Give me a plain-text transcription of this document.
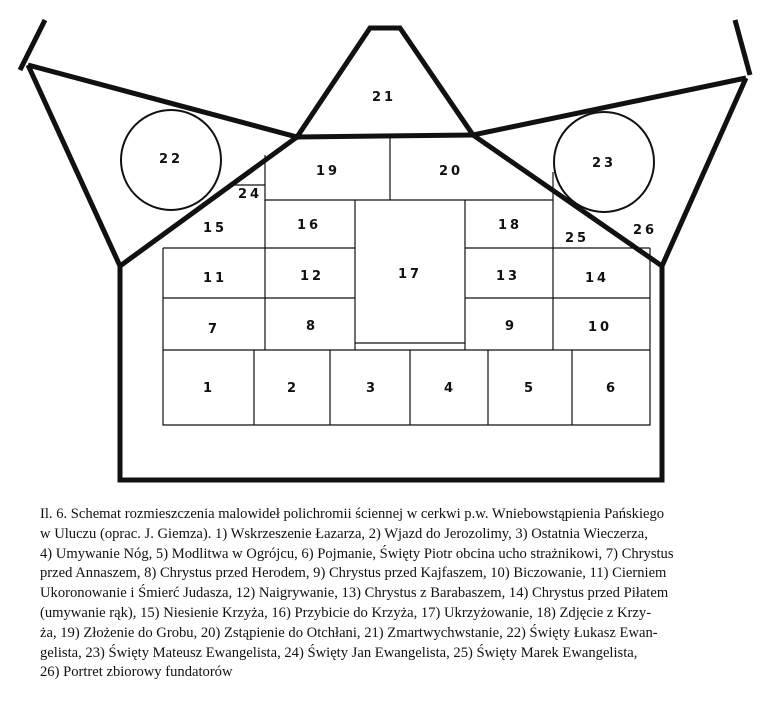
1	2	3	4	5	6
7	8	9	10
11	12	13	14
15	16
17
18
19	20
21
22	23
24
25
26
Il. 6. Schemat rozmieszczenia malowideł polichromii ściennej w cerkwi p.w. Wniebowstąpienia Pańskiego
w Uluczu (oprac. J. Giemza). 1) Wskrzeszenie Łazarza, 2) Wjazd do Jerozolimy, 3) Ostatnia Wieczerza,
4) Umywanie Nóg, 5) Modlitwa w Ogrójcu, 6) Pojmanie, Święty Piotr obcina ucho strażnikowi, 7) Chrystus
przed Annaszem, 8) Chrystus przed Herodem, 9) Chrystus przed Kajfaszem, 10) Biczowanie, 11) Cierniem
Ukoronowanie i Śmierć Judasza, 12) Naigrywanie, 13) Chrystus z Barabaszem, 14) Chrystus przed Piłatem
(umywanie rąk), 15) Niesienie Krzyża, 16) Przybicie do Krzyża, 17) Ukrzyżowanie, 18) Zdjęcie z Krzy-
ża, 19) Złożenie do Grobu, 20) Zstąpienie do Otchłani, 21) Zmartwychwstanie, 22) Święty Łukasz Ewan-
gelista, 23) Święty Mateusz Ewangelista, 24) Święty Jan Ewangelista, 25) Święty Marek Ewangelista,
26) Portret zbiorowy fundatorów
